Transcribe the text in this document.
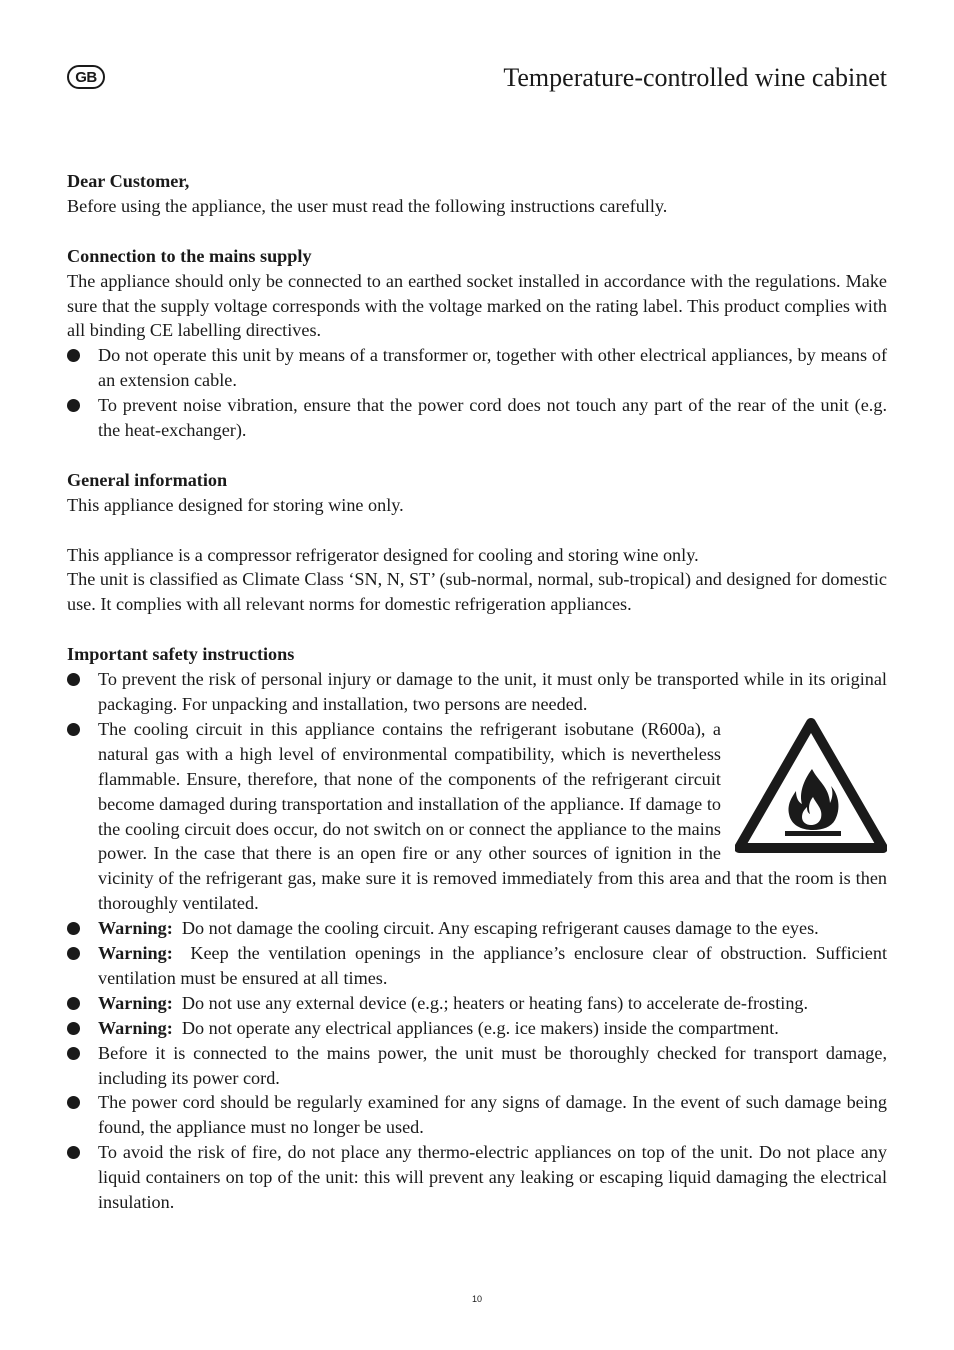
GB	Temperature-controlled wine cabinet
Dear Customer,

Before using the appliance, the user must read the following instructions carefully.

Connection to the mains supply

The appliance should only be connected to an earthed socket installed in accordance with the regulations. Make sure that the supply voltage corresponds with the voltage marked on the rating label. This product complies with all binding CE labelling directives.

Do not operate this unit by means of a transformer or, together with other electrical appliances, by means of an extension cable.
To prevent noise vibration, ensure that the power cord does not touch any part of the rear of the unit (e.g. the heat-exchanger).
General information

This appliance designed for storing wine only.

This appliance is a compressor refrigerator designed for cooling and storing wine only.

The unit is classified as Climate Class ‘SN, N, ST’ (sub-normal, normal, sub-tropical) and designed for domestic use. It complies with all relevant norms for domestic refrigeration appliances.

Important safety instructions
To prevent the risk of personal injury or damage to the unit, it must only be transported while in its original packaging. For unpacking and installation, two persons are needed.
The cooling circuit in this appliance contains the refrigerant isobutane (R600a), a natural gas with a high level of environmental compatibility, which is nevertheless flammable. Ensure, therefore, that none of the components of the refrigerant circuit become damaged during transportation and installation of the appliance. If damage to the cooling circuit does occur, do not switch on or connect the appliance to the mains power. In the case that there is an open fire or any other sources of ignition in the vicinity of the refrigerant gas, make sure it is removed immediately from this area and that the room is then thoroughly ventilated.
Warning: Do not damage the cooling circuit. Any escaping refrigerant causes damage to the eyes.
Warning: Keep the ventilation openings in the appliance’s enclosure clear of obstruction. Sufficient ventilation must be ensured at all times.
Warning: Do not use any external device (e.g.; heaters or heating fans) to accelerate de-frosting.
Warning: Do not operate any electrical appliances (e.g. ice makers) inside the compartment.
Before it is connected to the mains power, the unit must be thoroughly checked for transport damage, including its power cord.
The power cord should be regularly examined for any signs of damage. In the event of such damage being found, the appliance must no longer be used.
To avoid the risk of fire, do not place any thermo-electric appliances on top of the unit. Do not place any liquid containers on top of the unit: this will prevent any leaking or escaping liquid damaging the electrical insulation.
10
